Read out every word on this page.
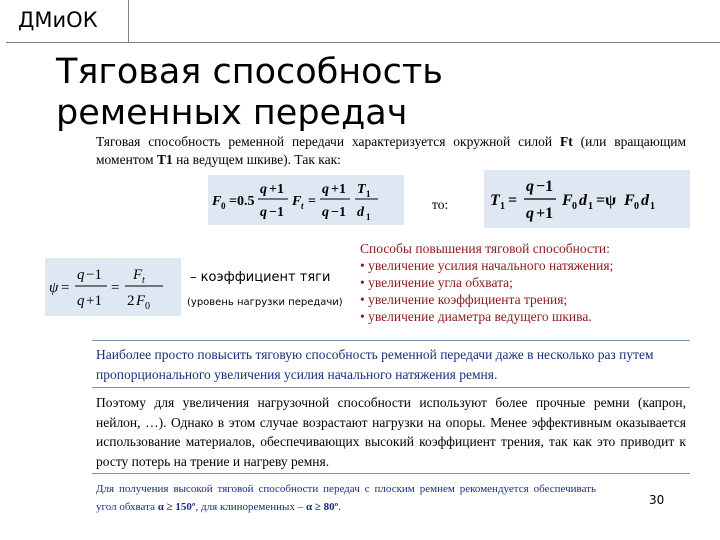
ДМиОК
Тяговая способность
ременных передач
Тяговая способность ременной передачи характеризуется окружной силой Ft (или вращающим моментом T1 на ведущем шкиве). Так как:
F 0 =0.5
q +1
q −1
F t =
q +1
q −1
T 1
d 1
то:	T 1 =
q −1
q +1
F 0 d 1 =ψ F 0 d 1
ψ =
q −1
q +1
=
F t
2 F 0
– коэффициент тяги
(уровень нагрузки передачи)
Способы повышения тяговой способности:
• увеличение усилия начального натяжения;
• увеличение угла обхвата;
• увеличение коэффициента трения;
• увеличение диаметра ведущего шкива.
Наиболее просто повысить тяговую способность ременной передачи даже в несколько раз путем пропорционального увеличения усилия начального натяжения ремня.
Поэтому для увеличения нагрузочной способности используют более прочные ремни (капрон, нейлон, …). Однако в этом случае возрастают нагрузки на опоры. Менее эффективным оказывается использование материалов, обеспечивающих высокий коэффициент трения, так как это приводит к росту потерь на трение и нагреву ремня.
Для получения высокой тяговой способности передач с плоским ремнем рекомендуется обеспечивать угол обхвата α ≥ 150º, для клиноременных – α ≥ 80º.	30
